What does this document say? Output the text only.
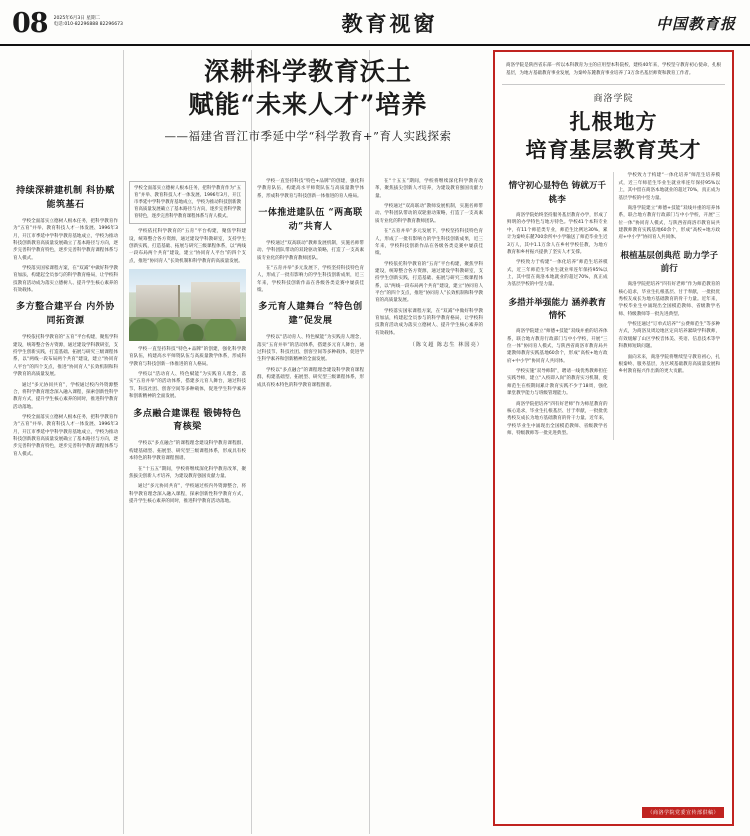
08 2025年6月3日 星期二
电话:010-82296888 82296673	教育视窗	中国教育报
持续深耕建机制 科协赋能筑基石

学校全面落实立德树人根本任务，把科学教育作为“五育”并举、教育科技人才一体发展、1996年3月，开江市季延中学科学教育基地成立，学校为推动科技创新教育高质量发展确立了基本路径与方向，逐步完善科学教育特色，逐步完善科学教育课程体系与育人模式。

学校落实国家课程方案，在“双减”中做好科学教育加法，构建起全员参与的科学教育格局，让学校科技教育活动成为落实立德树人、提升学生核心素养的有效载体。

多方整合建平台 内外协同拓资源

学校依托科学教育的“五育”平台构建，聚焦学科建设，统筹整合各方资源，通过建设学科教研室，支持学生创新实践，打造基础、拓展与研究三级课程体系，以“两线一段布局两个共育”建设，建立“协同育人平台”的四个支点，推进“协同育人”长效机制和科学教育的高质量发展。

通过“多元协同共育”，学校通过校内外资源整合，将科学教育理念深入融入课程，探索创新性科学教育方式，提升学生核心素养的同时，推进科学教育活动落地。

学校全面落实立德树人根本任务，把科学教育作为“五育”并举、教育科技人才一体发展、1996年3月，开江市季延中学科学教育基地成立，学校为推动科技创新教育高质量发展确立了基本路径与方向，逐步完善科学教育特色，逐步完善科学教育课程体系与育人模式。

深耕科学教育沃土
赋能“未来人才”培养
——福建省晋江市季延中学“科学教育+”育人实践探索
学校全面落实立德树人根本任务，把科学教育作为“五育”并举、教育科技人才一体发展、1996年3月，开江市季延中学科学教育基地成立，学校为推动科技创新教育高质量发展确立了基本路径与方向，逐步完善科学教育特色，逐步完善科学教育课程体系与育人模式。

学校依托科学教育的“五育”平台构建，聚焦学科建设，统筹整合各方资源，通过建设学科教研室，支持学生创新实践，打造基础、拓展与研究三级课程体系，以“两线一段布局两个共育”建设，建立“协同育人平台”的四个支点，推进“协同育人”长效机制和科学教育的高质量发展。

学校一直坚持科技“特色+品牌”的创建，强化科学教育队伍，构建高水平师资队伍与高质量教学体系，形成科学教育与科技创新一体推进的育人格局。

学校以“活动育人、特色赋能”为实践育人理念，落实“五育并举”的活动体系，搭建多元育人舞台，通过科技节、科技社团、创客空间等多种载体，促进学生科学素养和创新精神的全面发展。

多点融合建课程 锻铸特色育核梁

学校以“多点融合”的课程理念建设科学教育课程群，构建基础型、拓展型、研究型三级课程体系，形成具有校本特色的科学教育课程图谱。

在“十五五”期间，学校将继续深化科学教育改革，聚焦拔尖创新人才培养，为建设教育强国贡献力量。

通过“多元协同共育”，学校通过校内外资源整合，将科学教育理念深入融入课程，探索创新性科学教育方式，提升学生核心素养的同时，推进科学教育活动落地。

学校一直坚持科技“特色+品牌”的创建，强化科学教育队伍，构建高水平师资队伍与高质量教学体系，形成科学教育与科技创新一体推进的育人格局。

一体推进建队伍 “两高联动”共育人

学校通过“双高联动”教师发展机制，实施名师带动、学科团队带动的双轮驱动策略，打造了一支高素质专业化的科学教育教师团队。

在“五育并举”多元发展下，学校坚持科技特色育人，形成了一批有影响力的学生科技创新成果，近三年来，学校科技创新作品在各级各类竞赛中屡获佳绩。

多元育人建舞台 “特色创建”促发展

学校以“活动育人、特色赋能”为实践育人理念，落实“五育并举”的活动体系，搭建多元育人舞台，通过科技节、科技社团、创客空间等多种载体，促进学生科学素养和创新精神的全面发展。

学校以“多点融合”的课程理念建设科学教育课程群，构建基础型、拓展型、研究型三级课程体系，形成具有校本特色的科学教育课程图谱。

在“十五五”期间，学校将继续深化科学教育改革，聚焦拔尖创新人才培养，为建设教育强国贡献力量。

学校通过“双高联动”教师发展机制，实施名师带动、学科团队带动的双轮驱动策略，打造了一支高素质专业化的科学教育教师团队。

在“五育并举”多元发展下，学校坚持科技特色育人，形成了一批有影响力的学生科技创新成果，近三年来，学校科技创新作品在各级各类竞赛中屡获佳绩。

学校依托科学教育的“五育”平台构建，聚焦学科建设，统筹整合各方资源，通过建设学科教研室，支持学生创新实践，打造基础、拓展与研究三级课程体系，以“两线一段布局两个共育”建设，建立“协同育人平台”的四个支点，推进“协同育人”长效机制和科学教育的高质量发展。

学校落实国家课程方案，在“双减”中做好科学教育加法，构建起全员参与的科学教育格局，让学校科技教育活动成为落实立德树人、提升学生核心素养的有效载体。

（陈文超 陈志生 林国亮）
商洛学院是陕西省东部一所以本科教育为主的应用型本科院校，建校40年来，学校坚守教育初心使命，扎根基层，为地方基础教育事业发展，为秦岭东麓教育事业培养了3万余名基层师资和教育工作者。
商洛学院
扎根地方
培育基层教育英才
情守初心显特色 铸就万千桃李

商洛学院始终坚持服务基层教育办学，形成了鲜明的办学特色与地方特色。学校41个本科专业中，有11个师范类专业，师范生比例达30%，累计为秦岭东麓700余所中小学输送了师范毕业生近3万人，其中1.1万余人在乡村学校任教，为地方教育和乡村振兴提供了坚实人才支撑。

学校致力于构建“一体化培养”师范生培养模式，近三年师范生毕业生就业率连年保持95%以上，其中留在商洛本地就业的超过70%，真正成为基层学校的中坚力量。

多措并举强能力 涵养教育情怀

商洛学院建立“师德+技能”双线并重的培养体系，联合地方教育行政部门与中小学校，开展“三位一体”协同育人模式，与陕西省商洛市教育局共建教师教育实践基地60余个，形成“高校+地方政府+中小学”协同育人共同体。

学校实施“双导师制”，聘请一线优秀教师担任实践导师，建立“入校即入岗”的教育实习机制，使师范生在校期间累计教育实践不少于18周，强化课堂教学能力与班级管理能力。

商洛学院把培养“四有好老师”作为师范教育的核心追求，毕业生扎根基层、甘于奉献，一批批优秀校友成长为地方基础教育的骨干力量。近年来，学校毕业生中涌现出全国模范教师、省级教学名师、特级教师等一批先进典型。

学校致力于构建“一体化培养”师范生培养模式，近三年师范生毕业生就业率连年保持95%以上，其中留在商洛本地就业的超过70%，真正成为基层学校的中坚力量。

商洛学院建立“师德+技能”双线并重的培养体系，联合地方教育行政部门与中小学校，开展“三位一体”协同育人模式，与陕西省商洛市教育局共建教师教育实践基地60余个，形成“高校+地方政府+中小学”协同育人共同体。

根植基层创典范 助力学子前行

商洛学院把培养“四有好老师”作为师范教育的核心追求，毕业生扎根基层、甘于奉献，一批批优秀校友成长为地方基础教育的骨干力量。近年来，学校毕业生中涌现出全国模范教师、省级教学名师、特级教师等一批先进典型。

学校还通过“订单式培养”“公费师范生”等多种方式，为商洛及周边地区定向培养紧缺学科教师，有效缓解了山区学校音体美、英语、信息技术等学科教师短缺问题。

面向未来，商洛学院将继续坚守教育初心，扎根秦岭、服务基层，为区域基础教育高质量发展和乡村教育振兴作出新的更大贡献。

（商洛学院党委宣传部供稿）
